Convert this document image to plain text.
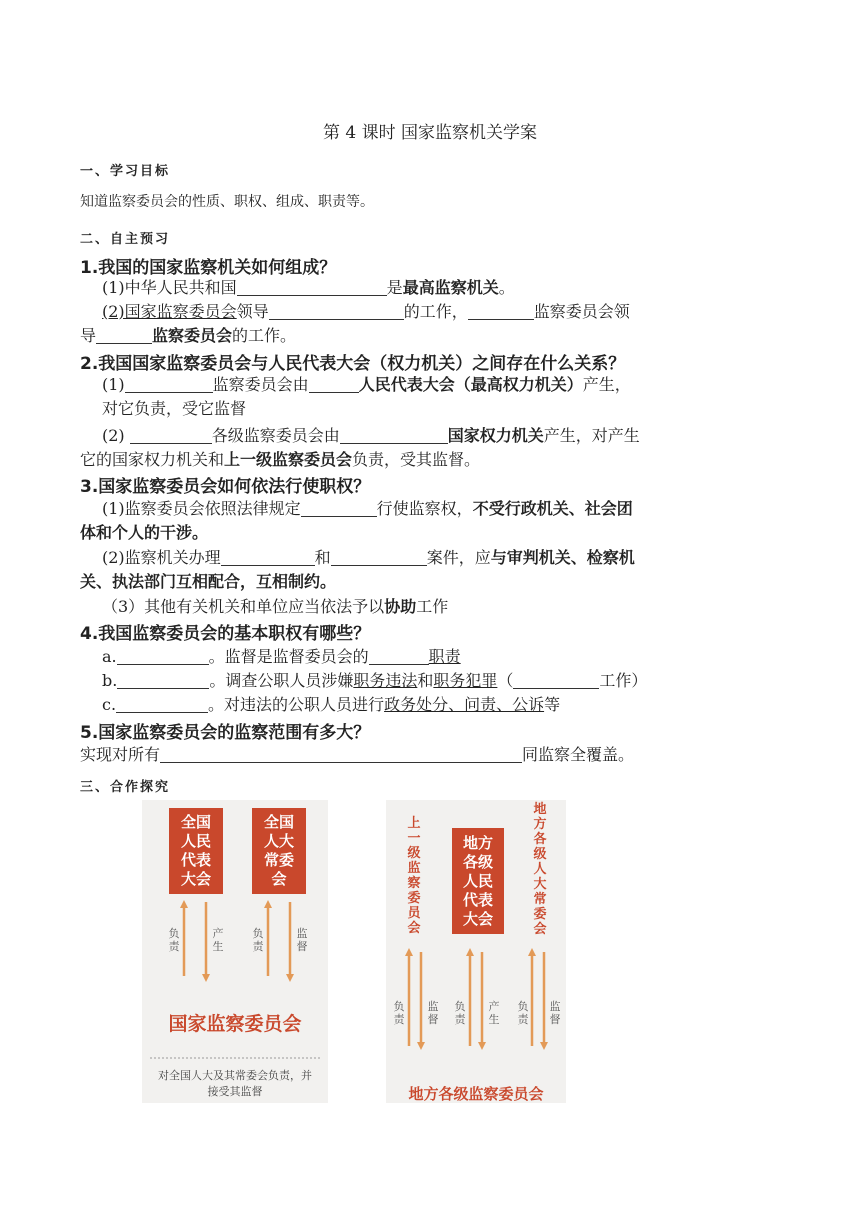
第 4 课时 国家监察机关学案
一、学习目标
知道监察委员会的性质、职权、组成、职责等。
二、自主预习
1.我国的国家监察机关如何组成？
(1)中华人民共和国	是最高监察机关。
(2)国家监察委员会领导	的工作，	监察委员会领
导	监察委员会的工作。
2.我国国家监察委员会与人民代表大会（权力机关）之间存在什么关系？
(1)	监察委员会由	人民代表大会（最高权力机关）产生，
对它负责，受它监督
(2)	各级监察委员会由	国家权力机关产生，对产生
它的国家权力机关和上一级监察委员会负责，受其监督。
3.国家监察委员会如何依法行使职权？
(1)监察委员会依照法律规定	行使监察权，不受行政机关、社会团
体和个人的干涉。
(2)监察机关办理	和	案件，应与审判机关、检察机
关、执法部门互相配合，互相制约。
（3）其他有关机关和单位应当依法予以协助工作
4.我国监察委员会的基本职权有哪些？
a.	。监督是监督委员会的	职责
b.	。调查公职人员涉嫌职务违法和职务犯罪（	工作）
c.	。对违法的公职人员进行政务处分、问责、公诉等
5.国家监察委员会的监察范围有多大？
实现对所有	同监察全覆盖。
三、合作探究
全国人民代表大会
全国人大常委会
负责
产生
负责
监督
国家监察委员会
对全国人大及其常委会负责，并接受其监督
上一级监察委员会
地方各级人民代表大会
地方各级人大常委会
负责
监督
负责
产生
负责
监督
地方各级监察委员会
